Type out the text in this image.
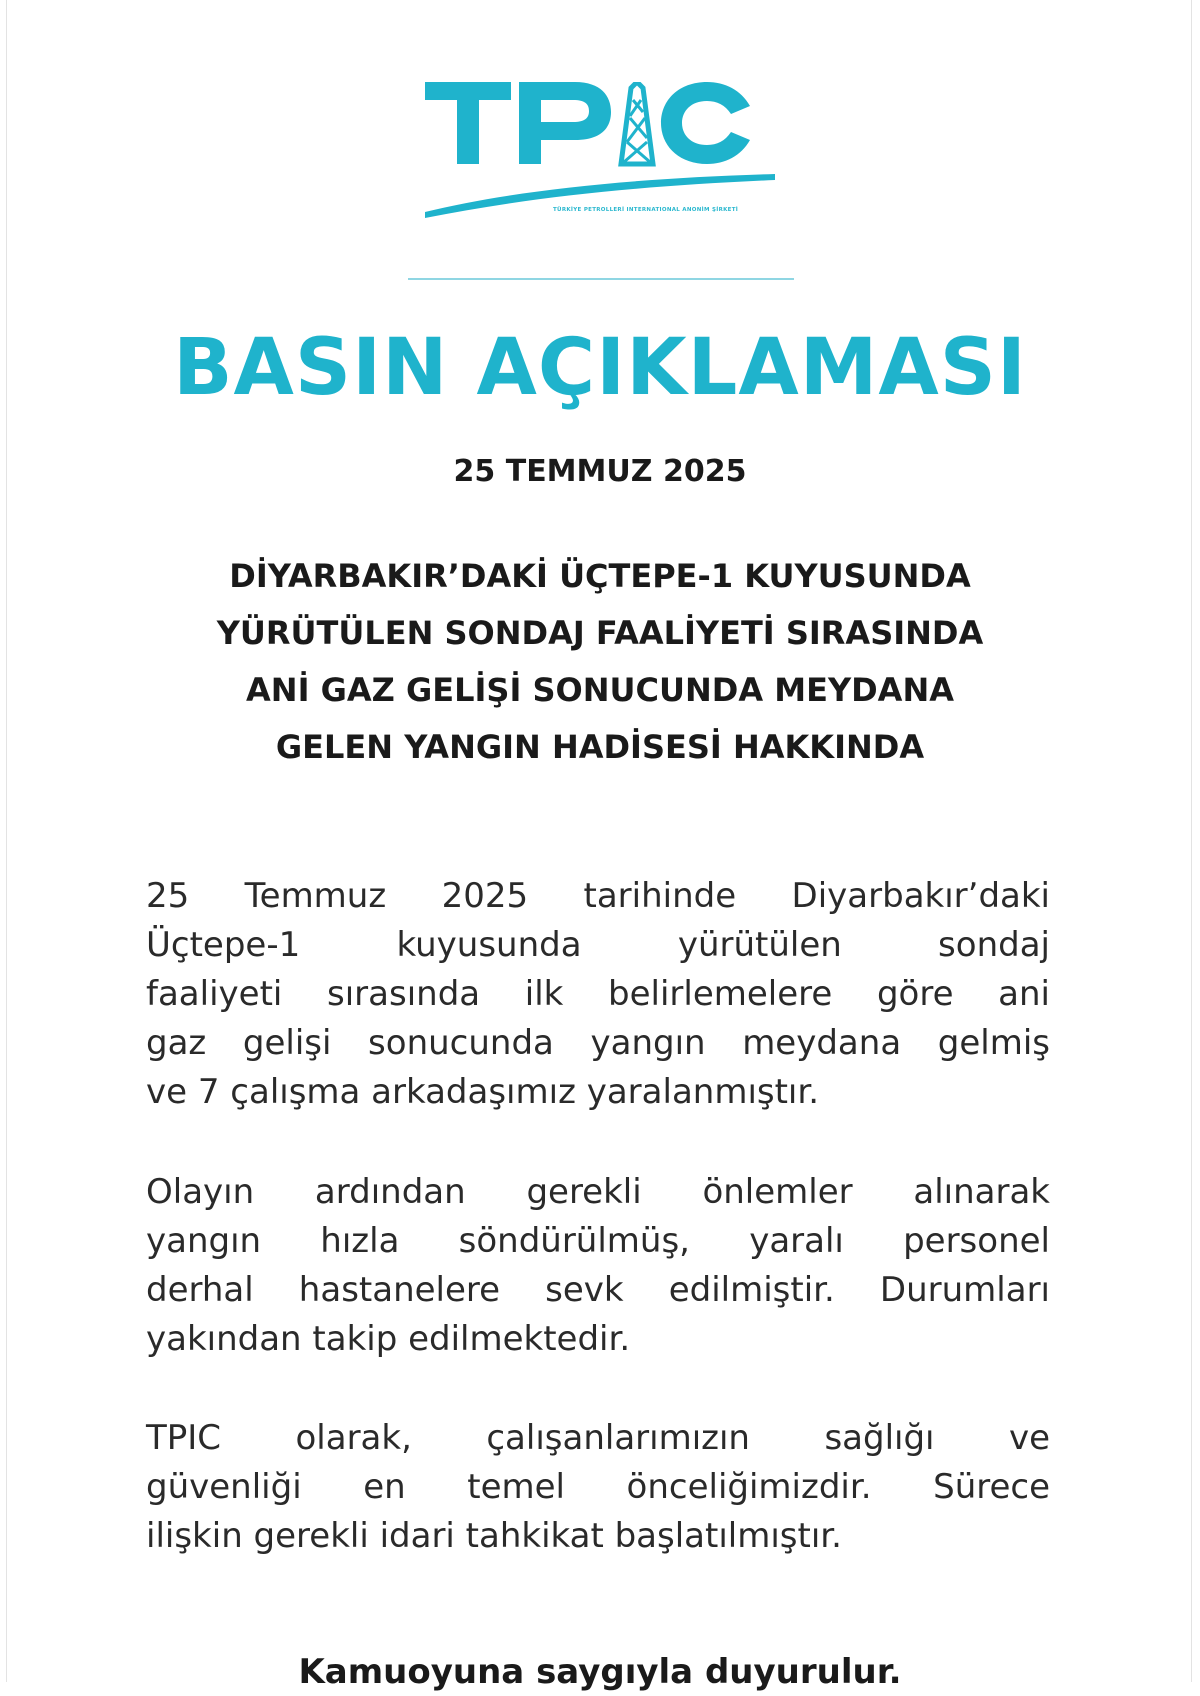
TÜRKİYE PETROLLERİ INTERNATIONAL ANONİM ŞİRKETİ
BASIN AÇIKLAMASI
25 TEMMUZ 2025
DİYARBAKIR’DAKİ ÜÇTEPE-1 KUYUSUNDA
YÜRÜTÜLEN SONDAJ FAALİYETİ SIRASINDA
ANİ GAZ GELİŞİ SONUCUNDA MEYDANA
GELEN YANGIN HADİSESİ HAKKINDA

25 Temmuz 2025 tarihinde Diyarbakır’daki
Üçtepe-1 kuyusunda yürütülen sondaj
faaliyeti sırasında ilk belirlemelere göre ani
gaz gelişi sonucunda yangın meydana gelmiş
ve 7 çalışma arkadaşımız yaralanmıştır.

Olayın ardından gerekli önlemler alınarak
yangın hızla söndürülmüş, yaralı personel
derhal hastanelere sevk edilmiştir. Durumları
yakından takip edilmektedir.

TPIC olarak, çalışanlarımızın sağlığı ve
güvenliği en temel önceliğimizdir. Sürece
ilişkin gerekli idari tahkikat başlatılmıştır.

Kamuoyuna saygıyla duyurulur.
